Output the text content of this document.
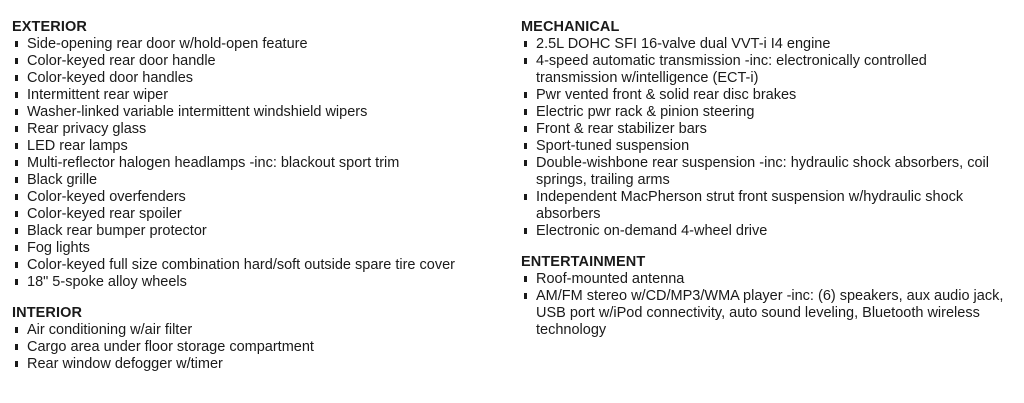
EXTERIOR
Side-opening rear door w/hold-open feature
Color-keyed rear door handle
Color-keyed door handles
Intermittent rear wiper
Washer-linked variable intermittent windshield wipers
Rear privacy glass
LED rear lamps
Multi-reflector halogen headlamps -inc: blackout sport trim
Black grille
Color-keyed overfenders
Color-keyed rear spoiler
Black rear bumper protector
Fog lights
Color-keyed full size combination hard/soft outside spare tire cover
18" 5-spoke alloy wheels
INTERIOR
Air conditioning w/air filter
Cargo area under floor storage compartment
Rear window defogger w/timer
MECHANICAL
2.5L DOHC SFI 16-valve dual VVT-i I4 engine
4-speed automatic transmission -inc: electronically controlled transmission w/intelligence (ECT-i)
Pwr vented front & solid rear disc brakes
Electric pwr rack & pinion steering
Front & rear stabilizer bars
Sport-tuned suspension
Double-wishbone rear suspension -inc: hydraulic shock absorbers, coil springs, trailing arms
Independent MacPherson strut front suspension w/hydraulic shock absorbers
Electronic on-demand 4-wheel drive
ENTERTAINMENT
Roof-mounted antenna
AM/FM stereo w/CD/MP3/WMA player -inc: (6) speakers, aux audio jack, USB port w/iPod connectivity, auto sound leveling, Bluetooth wireless technology
